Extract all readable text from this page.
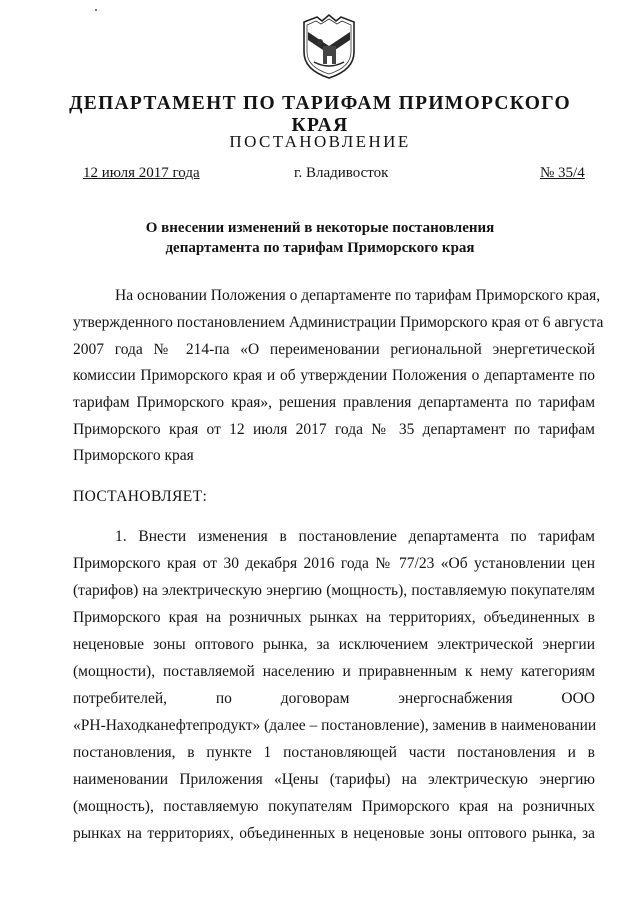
ДЕПАРТАМЕНТ ПО ТАРИФАМ ПРИМОРСКОГО КРАЯ
ПОСТАНОВЛЕНИЕ
12 июля 2017 года	г. Владивосток	№ 35/4
О внесении изменений в некоторые постановления
департамента по тарифам Приморского края
На основании Положения о департаменте по тарифам Приморского края,
утвержденного постановлением Администрации Приморского края от 6 августа
2007 года № 214-па «О переименовании региональной энергетической
комиссии Приморского края и об утверждении Положения о департаменте по
тарифам Приморского края», решения правления департамента по тарифам
Приморского края от 12 июля 2017 года № 35 департамент по тарифам
Приморского края
ПОСТАНОВЛЯЕТ:
1. Внести изменения в постановление департамента по тарифам
Приморского края от 30 декабря 2016 года № 77/23 «Об установлении цен
(тарифов) на электрическую энергию (мощность), поставляемую покупателям
Приморского края на розничных рынках на территориях, объединенных в
неценовые зоны оптового рынка, за исключением электрической энергии
(мощности), поставляемой населению и приравненным к нему категориям
потребителей, по договорам энергоснабжения ООО
«РН-Находканефтепродукт» (далее – постановление), заменив в наименовании
постановления, в пункте 1 постановляющей части постановления и в
наименовании Приложения «Цены (тарифы) на электрическую энергию
(мощность), поставляемую покупателям Приморского края на розничных
рынках на территориях, объединенных в неценовые зоны оптового рынка, за
